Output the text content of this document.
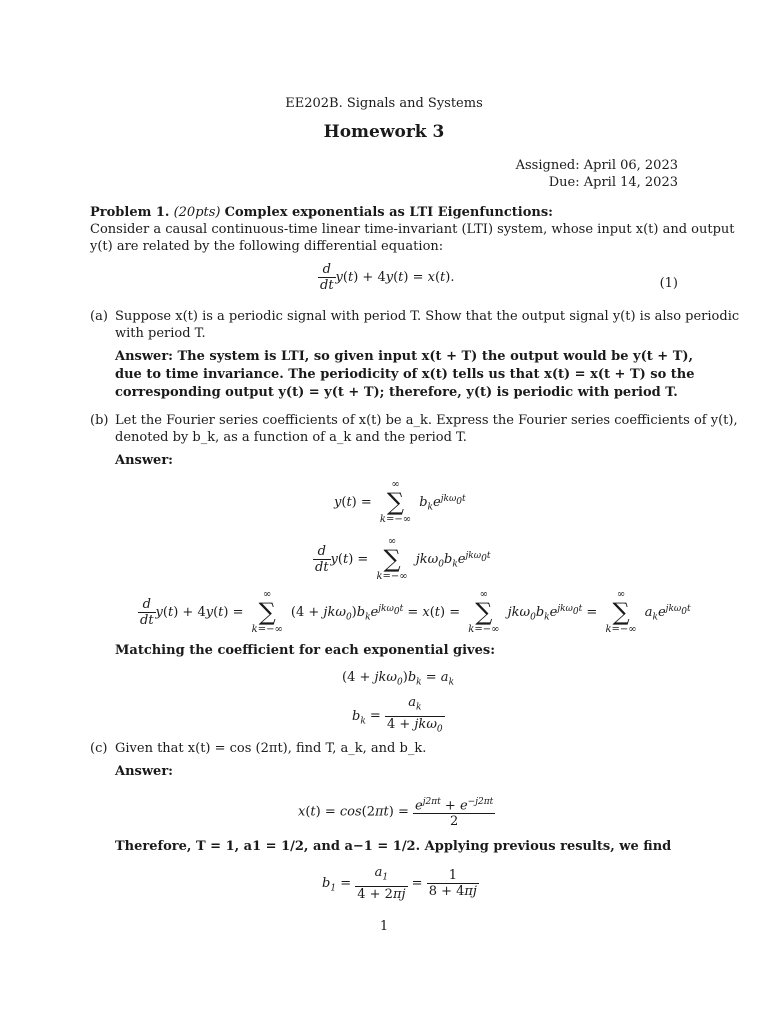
EE202B. Signals and Systems
Homework 3
Assigned: April 06, 2023
Due: April 14, 2023
Problem 1. (20pts) Complex exponentials as LTI Eigenfunctions:
Consider a causal continuous-time linear time-invariant (LTI) system, whose input x(t) and output
y(t) are related by the following differential equation:
$\frac{d}{dt} y(t) + 4y(t) = x(t)$.	(1)
(a) Suppose x(t) is a periodic signal with period T. Show that the output signal y(t) is also periodic
with period T.
Answer: The system is LTI, so given input x(t + T) the output would be y(t + T),
due to time invariance. The periodicity of x(t) tells us that x(t) = x(t + T) so the
corresponding output y(t) = y(t + T); therefore, y(t) is periodic with period T.
(b) Let the Fourier series coefficients of x(t) be a_k. Express the Fourier series coefficients of y(t),
denoted by b_k, as a function of a_k and the period T.
Answer:
y(t) =
∞
∑
k=−∞
$b_ke^{jk\omega_0t}$
$\frac{d}{dt} y(t)$ =
∞
∑
k=−∞
$jk\omega_0b_ke^{jk\omega_0t}$
$\frac{d}{dt} y(t) + 4y(t)$ =
∞
∑
k=−∞
$(4 + jk\omega_0)b_ke^{jk\omega_0t} = x(t)$ =
∞
∑
k=−∞
$jk\omega_0b_ke^{jk\omega_0t}$ =
∞
∑
k=−∞
$a_ke^{jk\omega_0t}$
Matching the coefficient for each exponential gives:
$(4 + jk\omega_0)b_k = a_k$
$b_k = \frac{a_k}{4 + jk\omega_0}$
(c) Given that x(t) = cos (2πt), find T, a_k, and b_k.
Answer:
$x(t) = \cos(2\pi t) = \frac{e^{j2\pi t} + e^{-j2\pi t}}{2}$
Therefore, T = 1, a1 = 1/2, and a−1 = 1/2. Applying previous results, we find
$b_1 = \frac{a_1}{4 + 2\pi j} = \frac{1}{8 + 4\pi j}$
1
